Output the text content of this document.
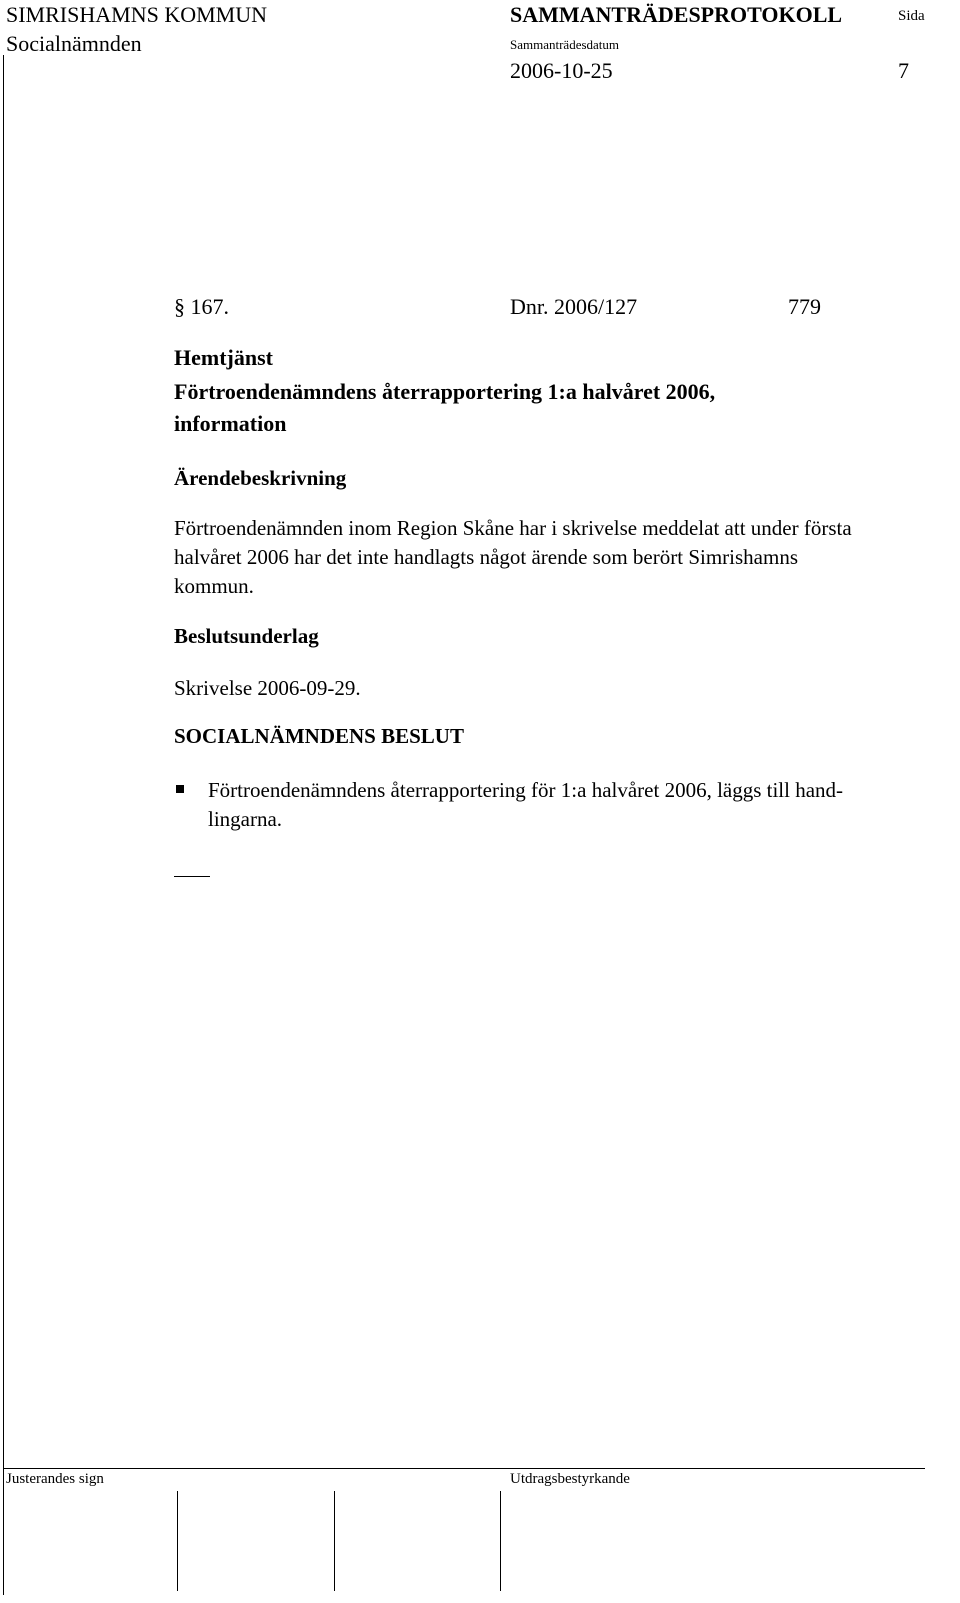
SIMRISHAMNS KOMMUN
Socialnämnden
SAMMANTRÄDESPROTOKOLL	Sida
Sammanträdesdatum
2006-10-25	7
§ 167.	Dnr. 2006/127	779
Hemtjänst
Förtroendenämndens återrapportering 1:a halvåret 2006,
information
Ärendebeskrivning
Förtroendenämnden inom Region Skåne har i skrivelse meddelat att under första
halvåret 2006 har det inte handlagts något ärende som berört Simrishamns
kommun.
Beslutsunderlag
Skrivelse 2006-09-29.
SOCIALNÄMNDENS BESLUT
Förtroendenämndens återrapportering för 1:a halvåret 2006, läggs till hand-
lingarna.
Justerandes sign	Utdragsbestyrkande
